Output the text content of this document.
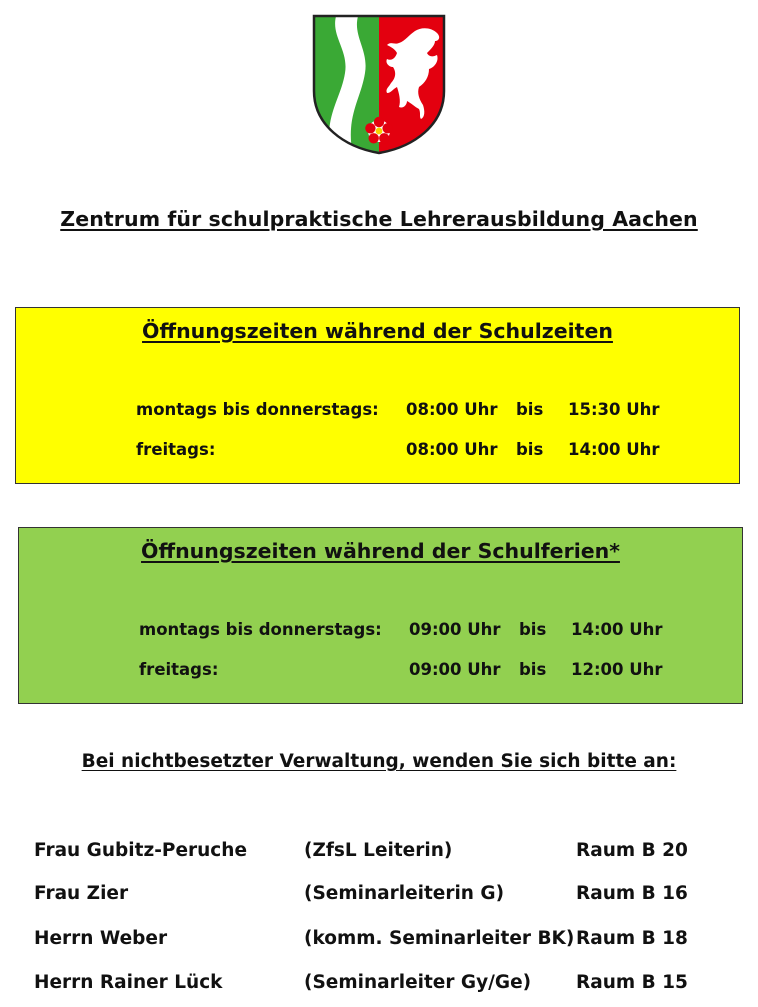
Zentrum für schulpraktische Lehrerausbildung Aachen
Öffnungszeiten während der Schulzeiten
montags bis donnerstags: 08:00 Uhr bis 15:30 Uhr
freitags:	08:00 Uhr bis 14:00 Uhr
Öffnungszeiten während der Schulferien*
montags bis donnerstags: 09:00 Uhr bis 14:00 Uhr
freitags:	09:00 Uhr bis 12:00 Uhr
Bei nichtbesetzter Verwaltung, wenden Sie sich bitte an:
Frau Gubitz-Peruche	(ZfsL Leiterin)	Raum B 20
Frau Zier	(Seminarleiterin G)	Raum B 16
Herrn Weber	(komm. Seminarleiter BK) Raum B 18
Herrn Rainer Lück	(Seminarleiter Gy/Ge) Raum B 15
